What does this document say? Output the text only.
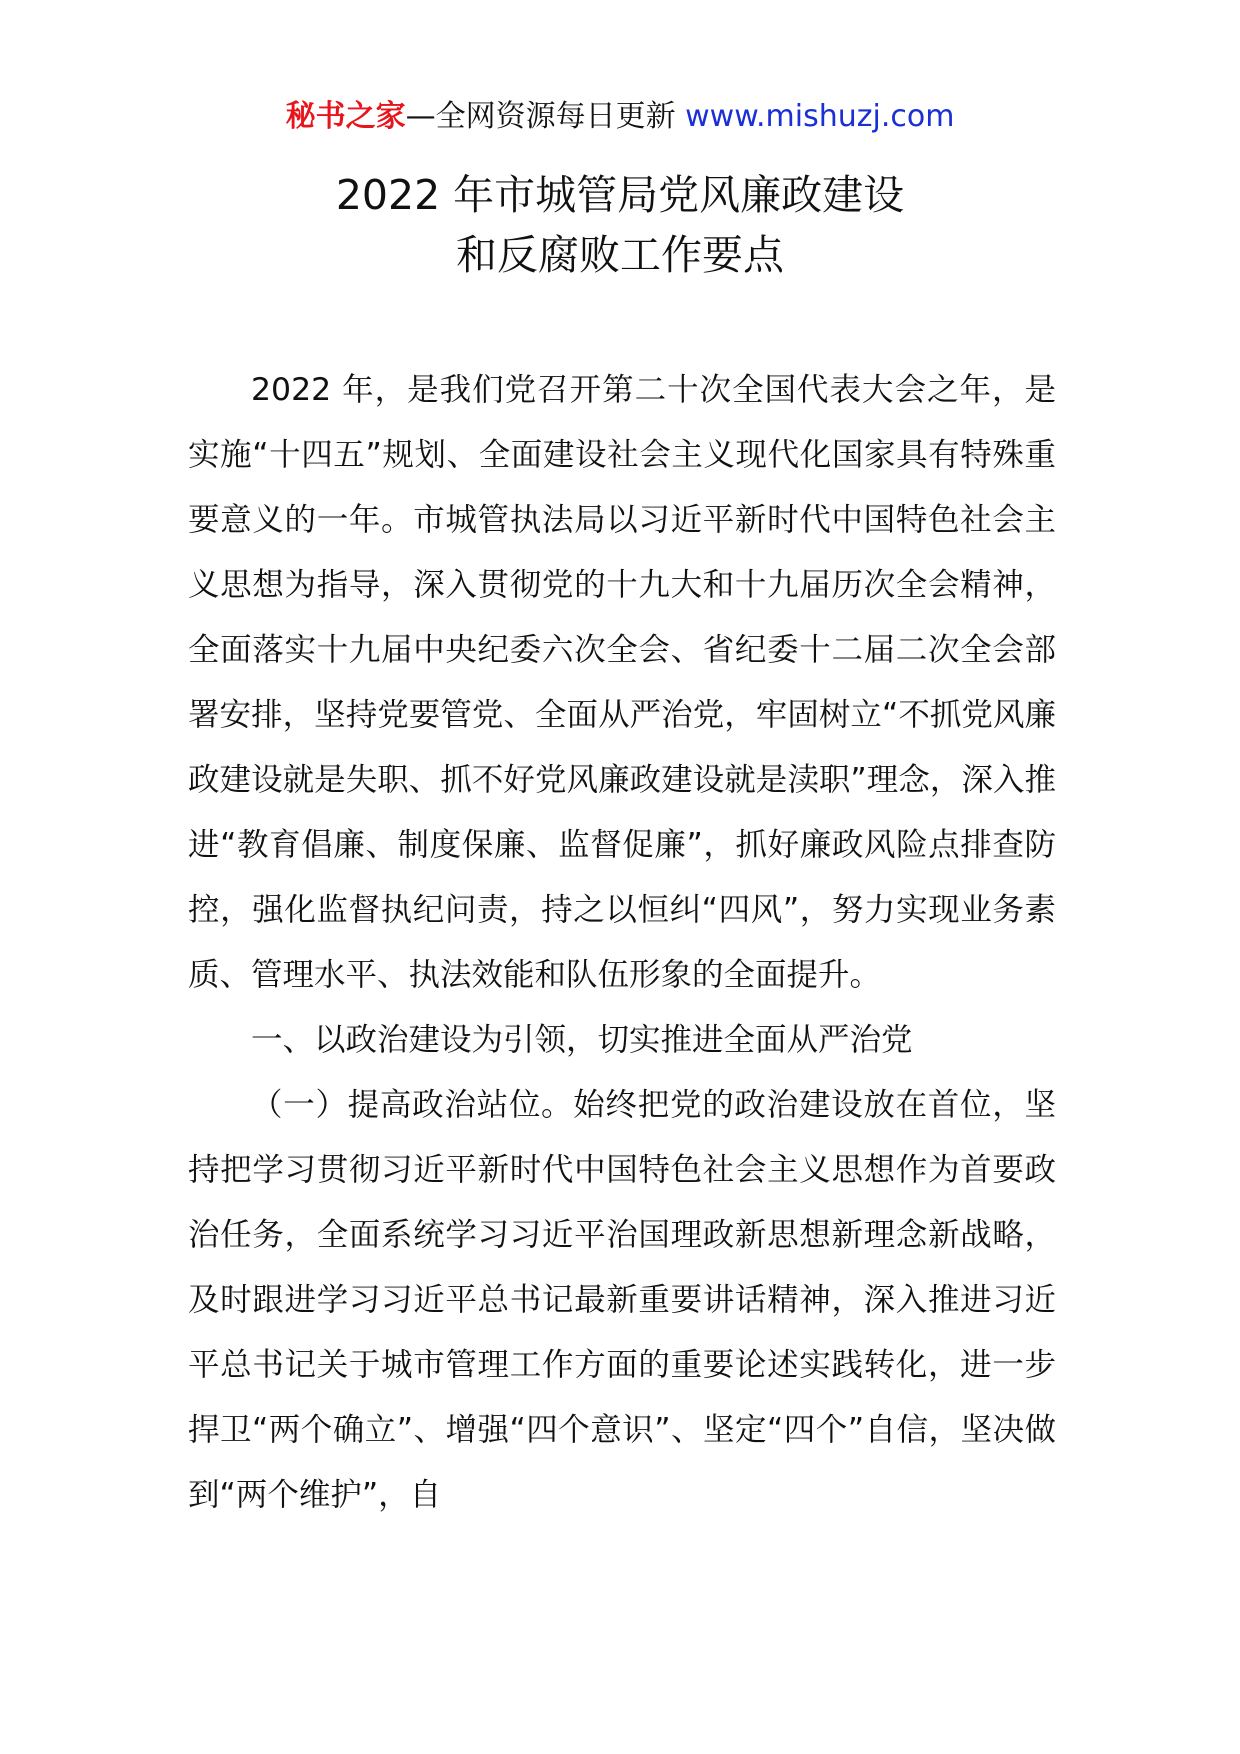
秘书之家—全网资源每日更新 www.mishuzj.com
2022 年市城管局党风廉政建设
和反腐败工作要点

2022 年，是我们党召开第二十次全国代表大会之年，是实施“十四五”规划、全面建设社会主义现代化国家具有特殊重要意义的一年。市城管执法局以习近平新时代中国特色社会主义思想为指导，深入贯彻党的十九大和十九届历次全会精神，全面落实十九届中央纪委六次全会、省纪委十二届二次全会部署安排，坚持党要管党、全面从严治党，牢固树立“不抓党风廉政建设就是失职、抓不好党风廉政建设就是渎职”理念，深入推进“教育倡廉、制度保廉、监督促廉”，抓好廉政风险点排查防控，强化监督执纪问责，持之以恒纠“四风”，努力实现业务素质、管理水平、执法效能和队伍形象的全面提升。

一、以政治建设为引领，切实推进全面从严治党

（一）提高政治站位。始终把党的政治建设放在首位，坚持把学习贯彻习近平新时代中国特色社会主义思想作为首要政治任务，全面系统学习习近平治国理政新思想新理念新战略，及时跟进学习习近平总书记最新重要讲话精神，深入推进习近平总书记关于城市管理工作方面的重要论述实践转化，进一步捍卫“两个确立”、增强“四个意识”、坚定“四个”自信，坚决做到“两个维护”，自
